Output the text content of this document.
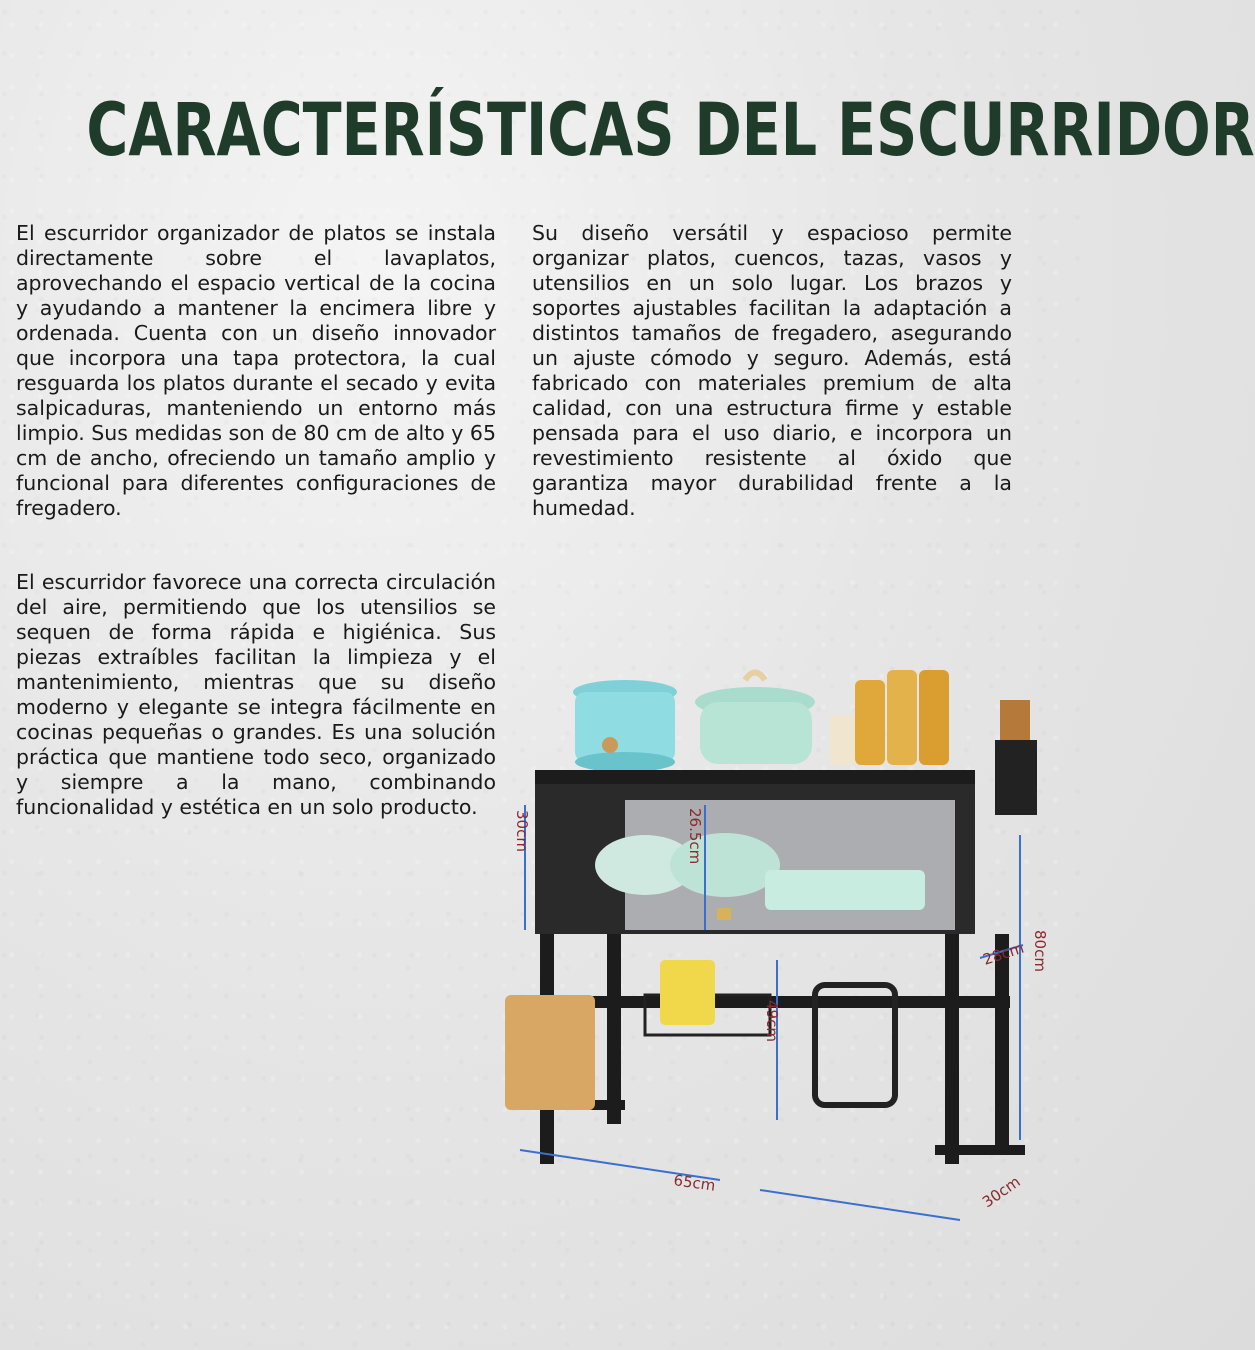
CARACTERÍSTICAS DEL ESCURRIDOR

El escurridor organizador de platos se instala directamente sobre el lavaplatos, aprovechando el espacio vertical de la cocina y ayudando a mantener la encimera libre y ordenada. Cuenta con un diseño innovador que incorpora una tapa protectora, la cual resguarda los platos durante el secado y evita salpicaduras, manteniendo un entorno más limpio. Sus medidas son de 80 cm de alto y 65 cm de ancho, ofreciendo un tamaño amplio y funcional para diferentes configuraciones de fregadero.

Su diseño versátil y espacioso permite organizar platos, cuencos, tazas, vasos y utensilios en un solo lugar. Los brazos y soportes ajustables facilitan la adaptación a distintos tamaños de fregadero, asegurando un ajuste cómodo y seguro. Además, está fabricado con materiales premium de alta calidad, con una estructura firme y estable pensada para el uso diario, e incorpora un revestimiento resistente al óxido que garantiza mayor durabilidad frente a la humedad.

El escurridor favorece una correcta circulación del aire, permitiendo que los utensilios se sequen de forma rápida e higiénica. Sus piezas extraíbles facilitan la limpieza y el mantenimiento, mientras que su diseño moderno y elegante se integra fácilmente en cocinas pequeñas o grandes. Es una solución práctica que mantiene todo seco, organizado y siempre a la mano, combinando funcionalidad y estética en un solo producto.

30cm	26.5cm
49cm
80cm
28cm
65cm	30cm
